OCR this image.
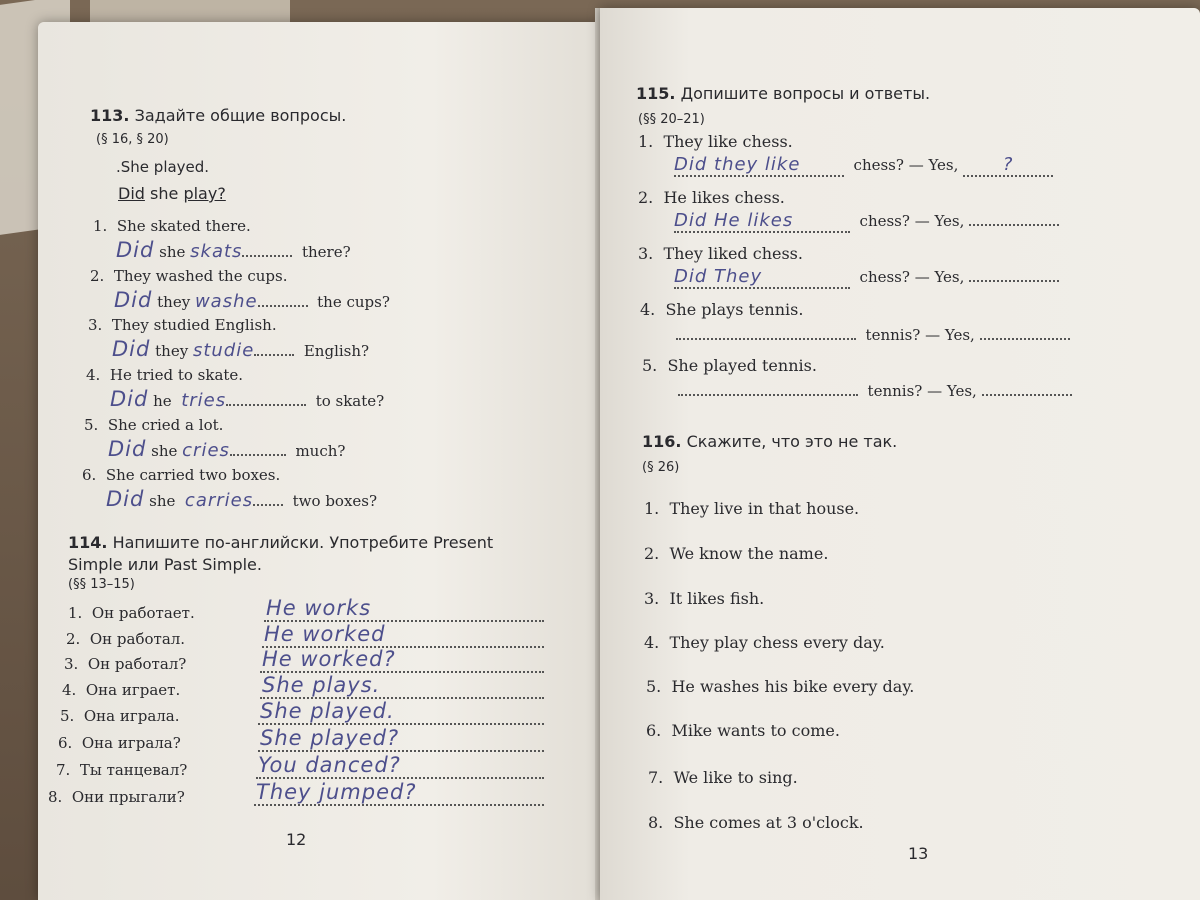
113. Задайте общие вопросы.
(§ 16, § 20)
.She played.
Did she play?
1. She skated there.
Did she skats	there?
2. They washed the cups.
Did they washe	the cups?
3. They studied English.
Did they studie	English?
4. He tried to skate.
Did he tries	to skate?
5. She cried a lot.
Did she cries	much?
6. She carried two boxes.
Did she carries	two boxes?
114. Напишите по-английски. Употребите Present
Simple или Past Simple.
(§§ 13–15)
1. Он работает.	He works
2. Он работал.	He worked
3. Он работал?	He worked?
4. Она играет.	She plays.
5. Она играла.	She played.
6. Она играла?	She played?
7. Ты танцевал?	You danced?
8. Они прыгали?	They jumped?
12
115. Допишите вопросы и ответы.
(§§ 20–21)
1. They like chess.
Did they like	chess? — Yes, ?
2. He likes chess.
Did He likes	chess? — Yes,
3. They liked chess.
Did They	chess? — Yes,
4. She plays tennis.
tennis? — Yes,
5. She played tennis.
tennis? — Yes,
116. Скажите, что это не так.
(§ 26)
1. They live in that house.
2. We know the name.
3. It likes fish.
4. They play chess every day.
5. He washes his bike every day.
6. Mike wants to come.
7. We like to sing.
8. She comes at 3 o'clock.
13
